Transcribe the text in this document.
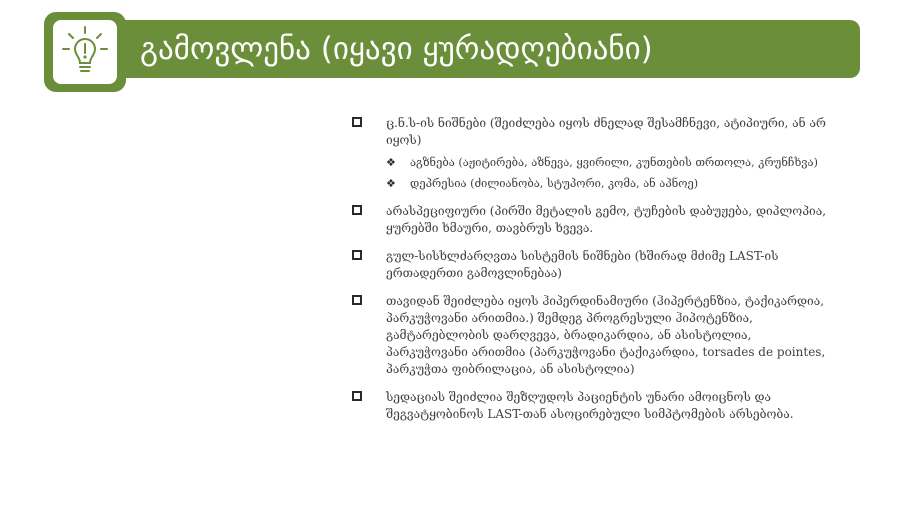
გამოვლენა (იყავი ყურადღებიანი)
ც.ნ.ს-ის ნიშნები (შეიძლება იყოს ძნელად შესამჩნევი, ატიპიური, ან არ იყოს)
❖ აგზნება (აჟიტირება, აზნევა, ყვირილი, კუნთების თრთოლა, კრუნჩხვა)
❖ დეპრესია (ძილიანობა, სტუპორი, კომა, ან აპნოე)
არასპეციფიური (პირში მეტალის გემო, ტუჩების დაბუჟება, დიპლოპია, ყურებში ხმაური, თავბრუს ხვევა.
გულ-სისხლძარღვთა სისტემის ნიშნები (ხშირად მძიმე LAST-ის ერთადერთი გამოვლინებაა)
თავიდან შეიძლება იყოს ჰიპერდინამიური (ჰიპერტენზია, ტაქიკარდია, პარკუჭოვანი არითმია.) შემდეგ პროგრესული ჰიპოტენზია, გამტარებლობის დარღვევა, ბრადიკარდია, ან ასისტოლია, პარკუჭოვანი არითმია (პარკუჭოვანი ტაქიკარდია, torsades de pointes, პარკუჭთა ფიბრილაცია, ან ასისტოლია)
სედაციას შეიძლია შეზღუდოს პაციენტის უნარი ამოიცნოს და შეგვატყობინოს LAST-თან ასოცირებული სიმპტომების არსებობა.
